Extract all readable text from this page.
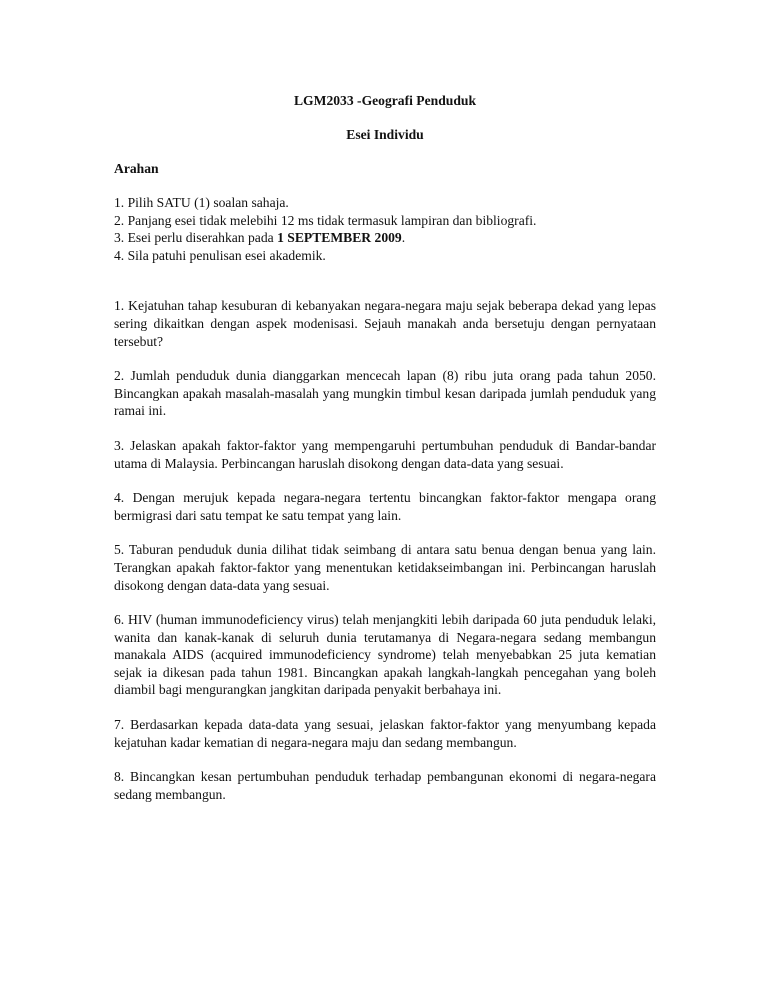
LGM2033 -Geografi Penduduk

Esei Individu

Arahan

1. Pilih SATU (1) soalan sahaja.
2. Panjang esei tidak melebihi 12 ms tidak termasuk lampiran dan bibliografi.
3. Esei perlu diserahkan pada 1 SEPTEMBER 2009.
4. Sila patuhi penulisan esei akademik.
1. Kejatuhan tahap kesuburan di kebanyakan negara-negara maju sejak beberapa dekad yang lepas sering dikaitkan dengan aspek modenisasi. Sejauh manakah anda bersetuju dengan pernyataan tersebut?
2. Jumlah penduduk dunia dianggarkan mencecah lapan (8) ribu juta orang pada tahun 2050. Bincangkan apakah masalah-masalah yang mungkin timbul kesan daripada jumlah penduduk yang ramai ini.
3. Jelaskan apakah faktor-faktor yang mempengaruhi pertumbuhan penduduk di Bandar-bandar utama di Malaysia. Perbincangan haruslah disokong dengan data-data yang sesuai.
4. Dengan merujuk kepada negara-negara tertentu bincangkan faktor-faktor mengapa orang bermigrasi dari satu tempat ke satu tempat yang lain.
5. Taburan penduduk dunia dilihat tidak seimbang di antara satu benua dengan benua yang lain. Terangkan apakah faktor-faktor yang menentukan ketidakseimbangan ini. Perbincangan haruslah disokong dengan data-data yang sesuai.
6. HIV (human immunodeficiency virus) telah menjangkiti lebih daripada 60 juta penduduk lelaki, wanita dan kanak-kanak di seluruh dunia terutamanya di Negara-negara sedang membangun manakala AIDS (acquired immunodeficiency syndrome) telah menyebabkan 25 juta kematian sejak ia dikesan pada tahun 1981. Bincangkan apakah langkah-langkah pencegahan yang boleh diambil bagi mengurangkan jangkitan daripada penyakit berbahaya ini.
7. Berdasarkan kepada data-data yang sesuai, jelaskan faktor-faktor yang menyumbang kepada kejatuhan kadar kematian di negara-negara maju dan sedang membangun.
8. Bincangkan kesan pertumbuhan penduduk terhadap pembangunan ekonomi di negara-negara sedang membangun.
